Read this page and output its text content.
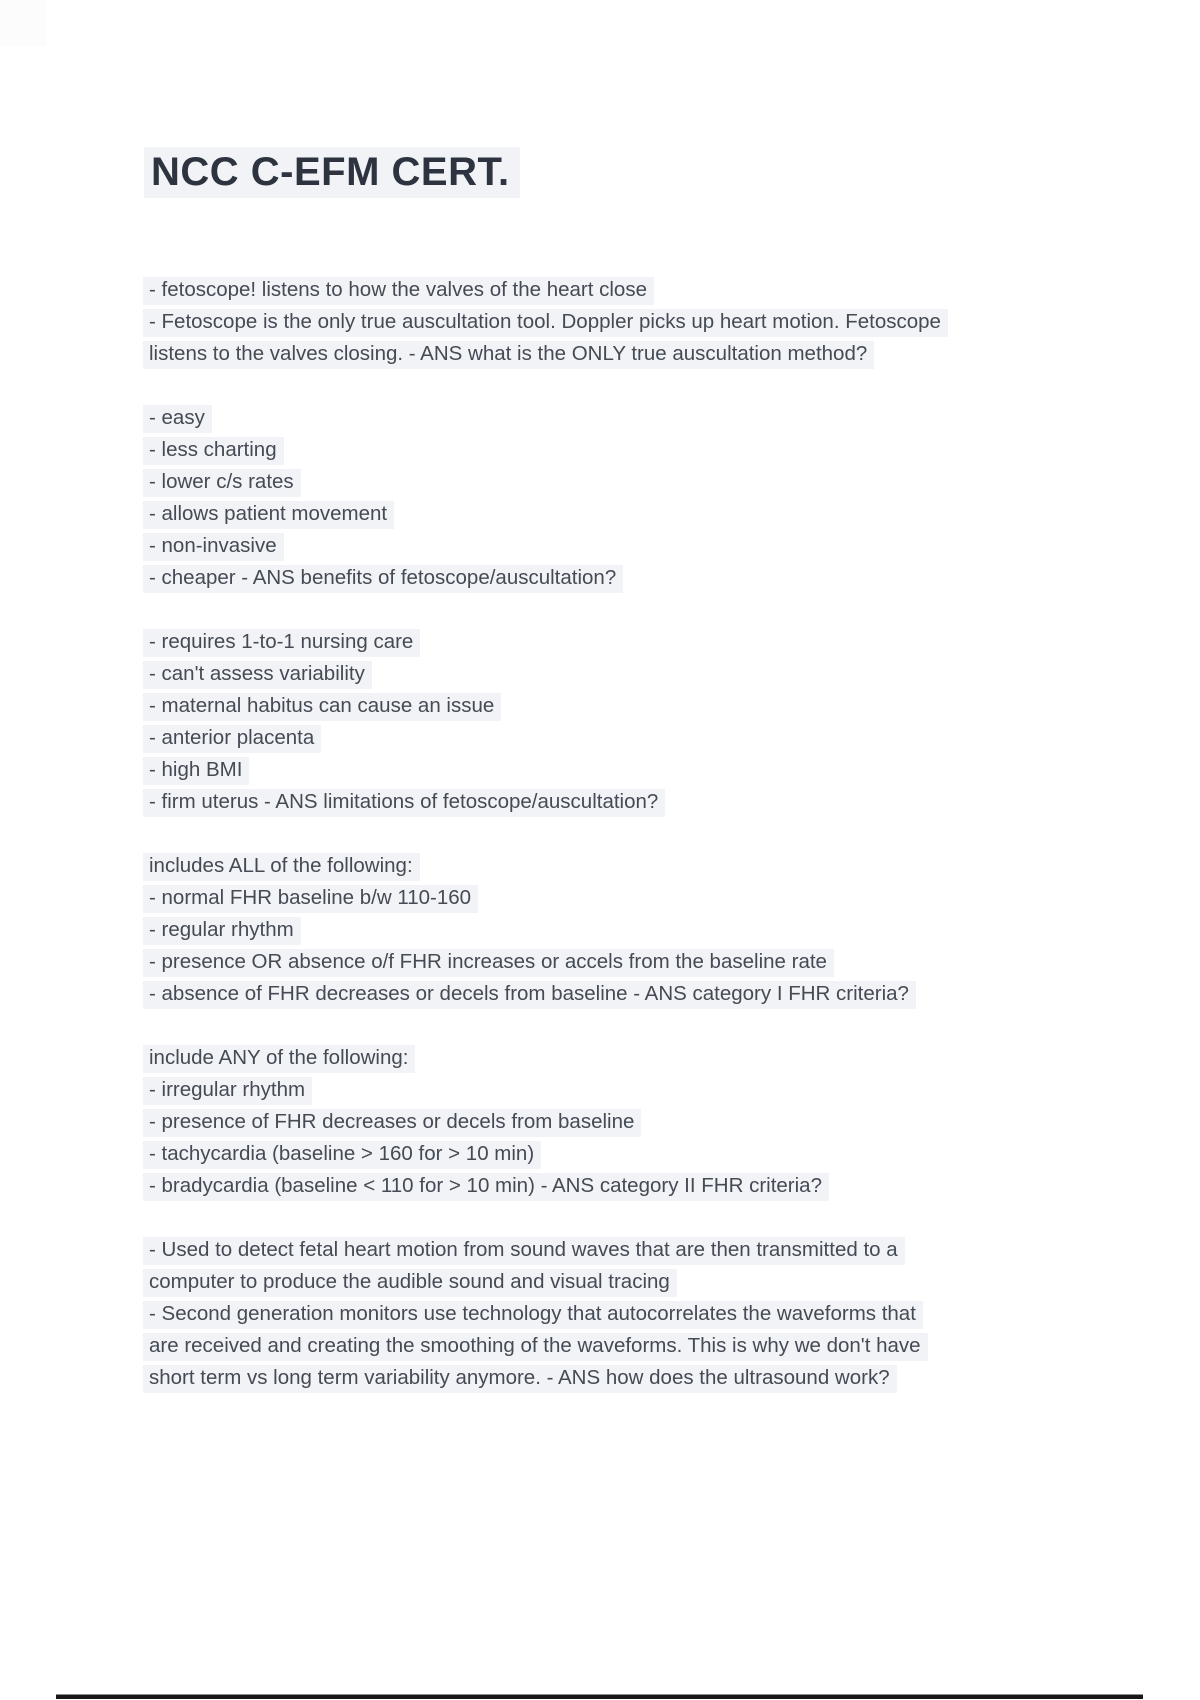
NCC C-EFM CERT.
- fetoscope! listens to how the valves of the heart close
- Fetoscope is the only true auscultation tool. Doppler picks up heart motion. Fetoscope
listens to the valves closing. - ANS what is the ONLY true auscultation method?
- easy
- less charting
- lower c/s rates
- allows patient movement
- non-invasive
- cheaper - ANS benefits of fetoscope/auscultation?
- requires 1-to-1 nursing care
- can't assess variability
- maternal habitus can cause an issue
- anterior placenta
- high BMI
- firm uterus - ANS limitations of fetoscope/auscultation?
includes ALL of the following:
- normal FHR baseline b/w 110-160
- regular rhythm
- presence OR absence o/f FHR increases or accels from the baseline rate
- absence of FHR decreases or decels from baseline - ANS category I FHR criteria?
include ANY of the following:
- irregular rhythm
- presence of FHR decreases or decels from baseline
- tachycardia (baseline > 160 for > 10 min)
- bradycardia (baseline < 110 for > 10 min) - ANS category II FHR criteria?
- Used to detect fetal heart motion from sound waves that are then transmitted to a
computer to produce the audible sound and visual tracing
- Second generation monitors use technology that autocorrelates the waveforms that
are received and creating the smoothing of the waveforms. This is why we don't have
short term vs long term variability anymore. - ANS how does the ultrasound work?
